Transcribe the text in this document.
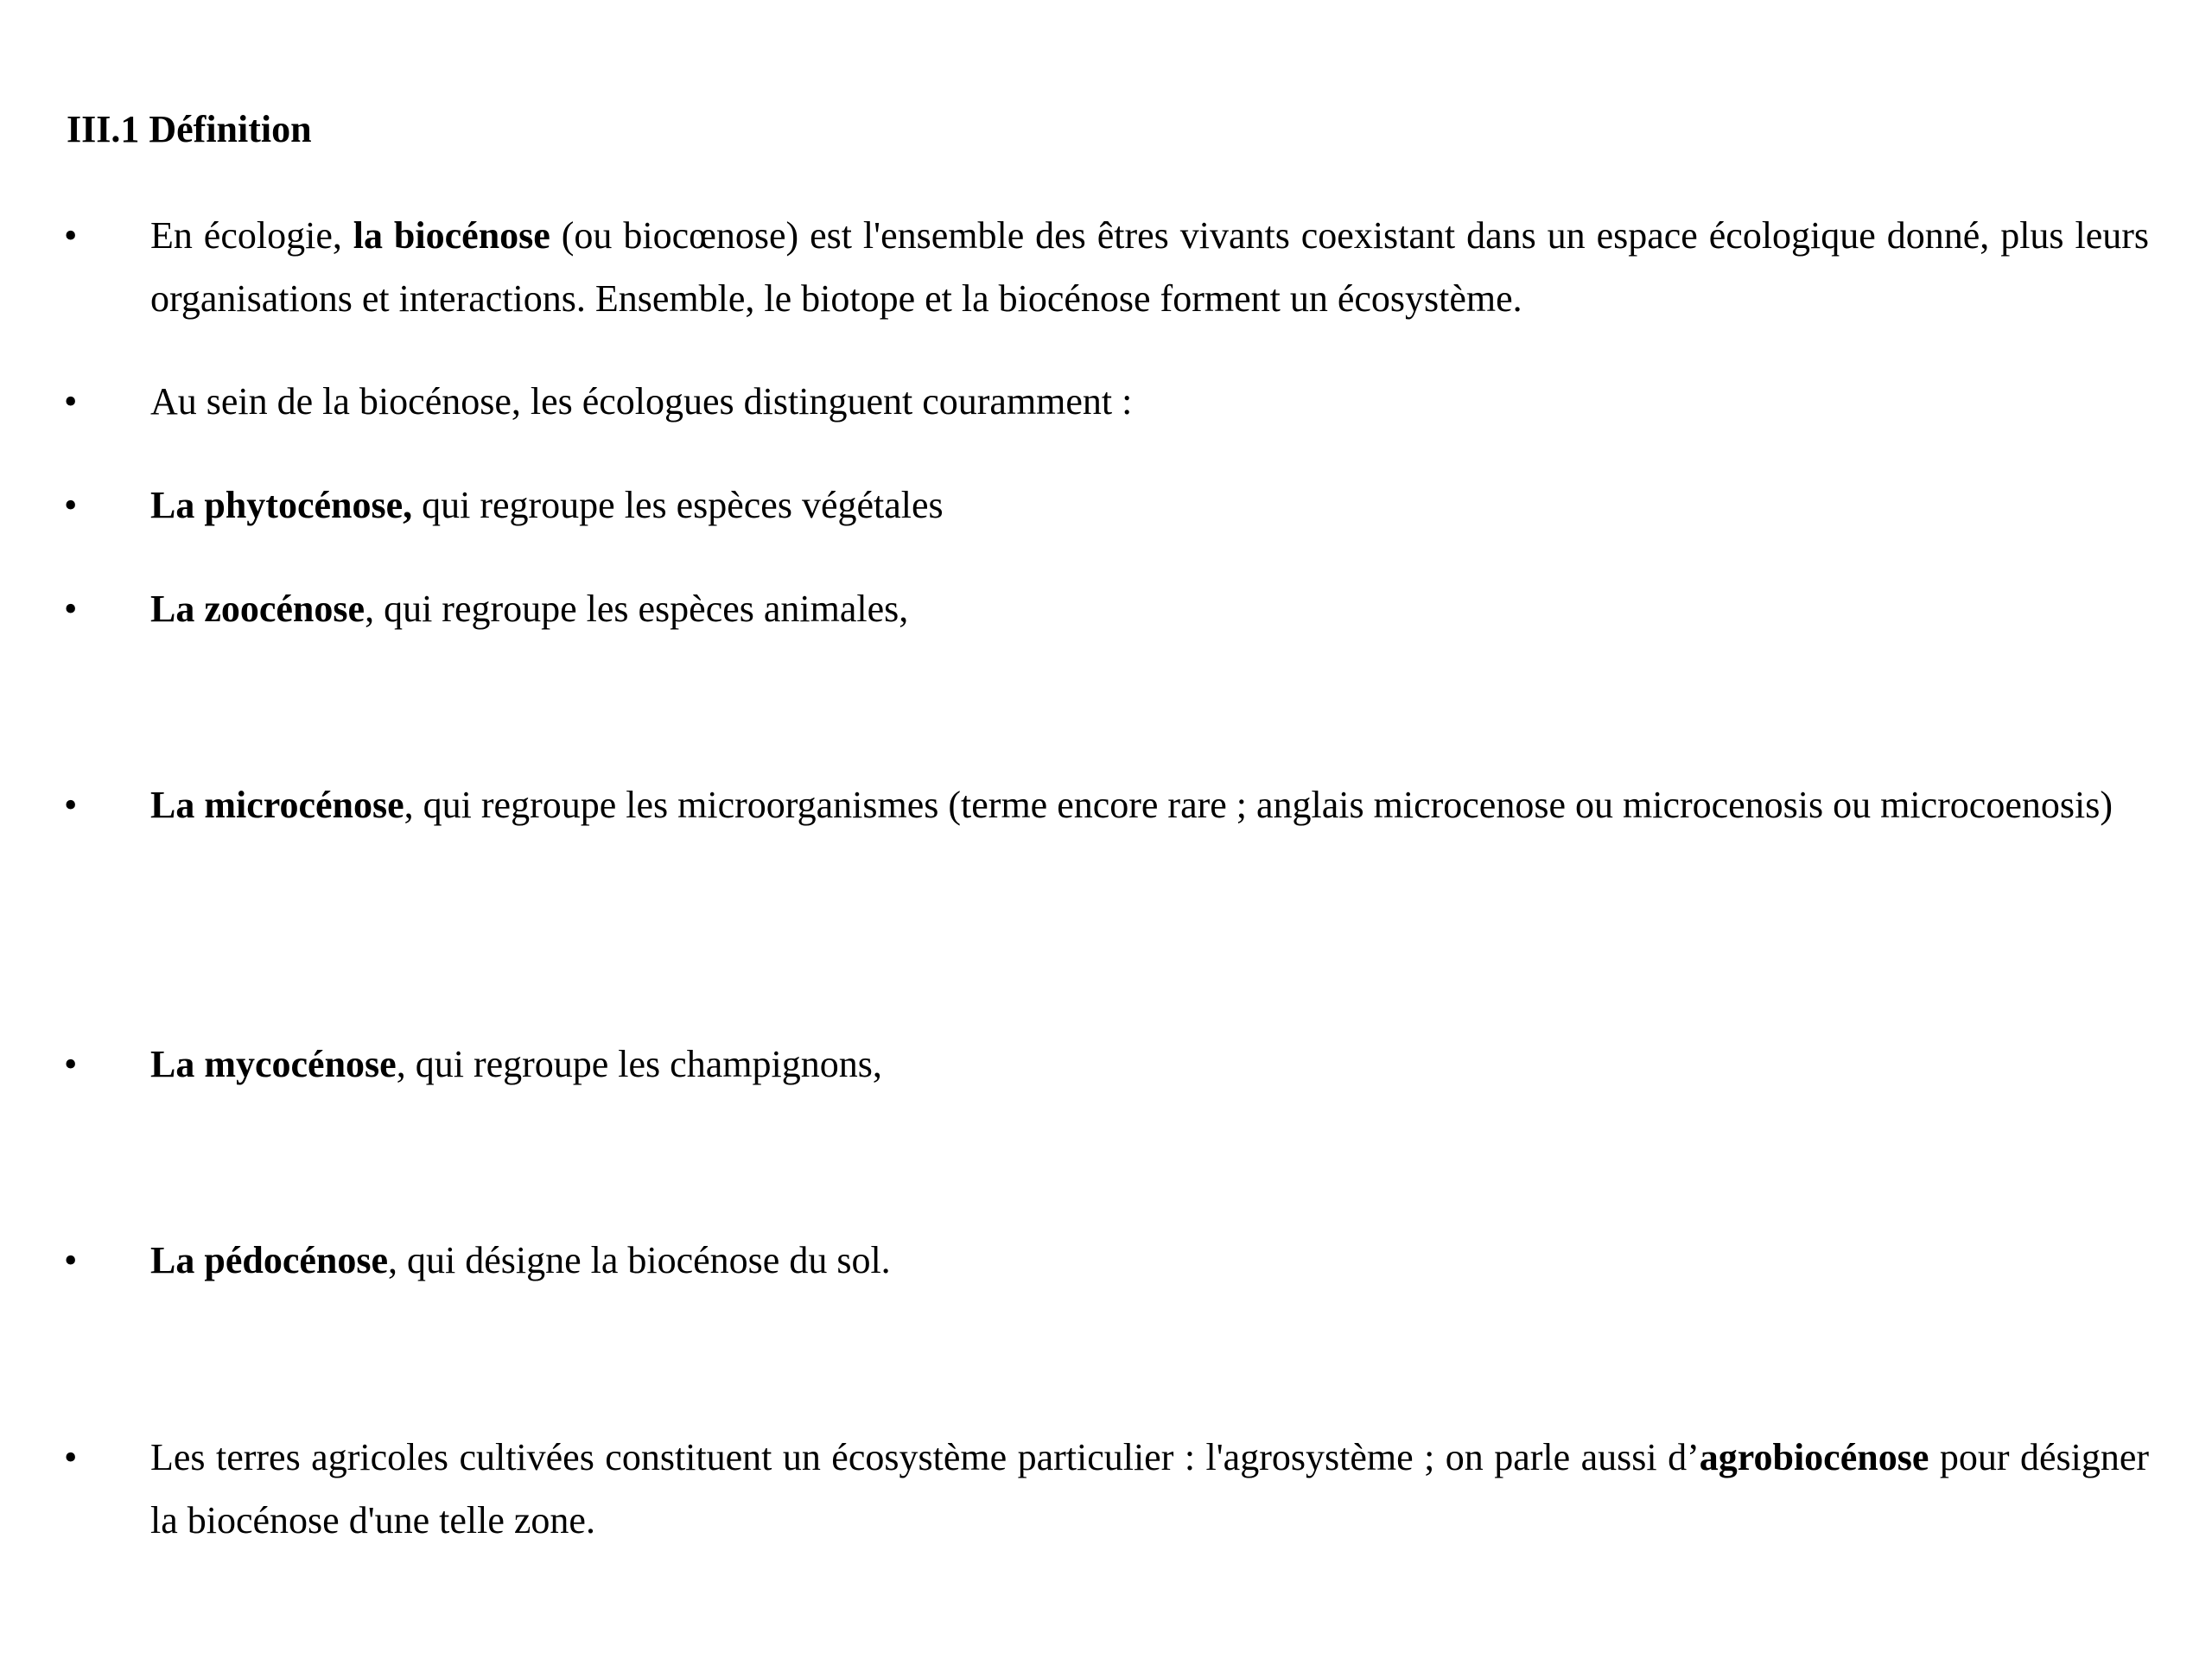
III.1 Définition
• En écologie, la biocénose (ou biocœnose) est l'ensemble des êtres vivants coexistant dans un espace écologique donné, plus leurs organisations et interactions. Ensemble, le biotope et la biocénose forment un écosystème.

• Au sein de la biocénose, les écologues distinguent couramment :

• La phytocénose, qui regroupe les espèces végétales

• La zoocénose, qui regroupe les espèces animales,

• La microcénose, qui regroupe les microorganismes (terme encore rare ; anglais microcenose ou microcenosis ou microcoenosis)

• La mycocénose, qui regroupe les champignons,

• La pédocénose, qui désigne la biocénose du sol.

• Les terres agricoles cultivées constituent un écosystème particulier : l'agrosystème ; on parle aussi d’agrobiocénose pour désigner la biocénose d'une telle zone.
